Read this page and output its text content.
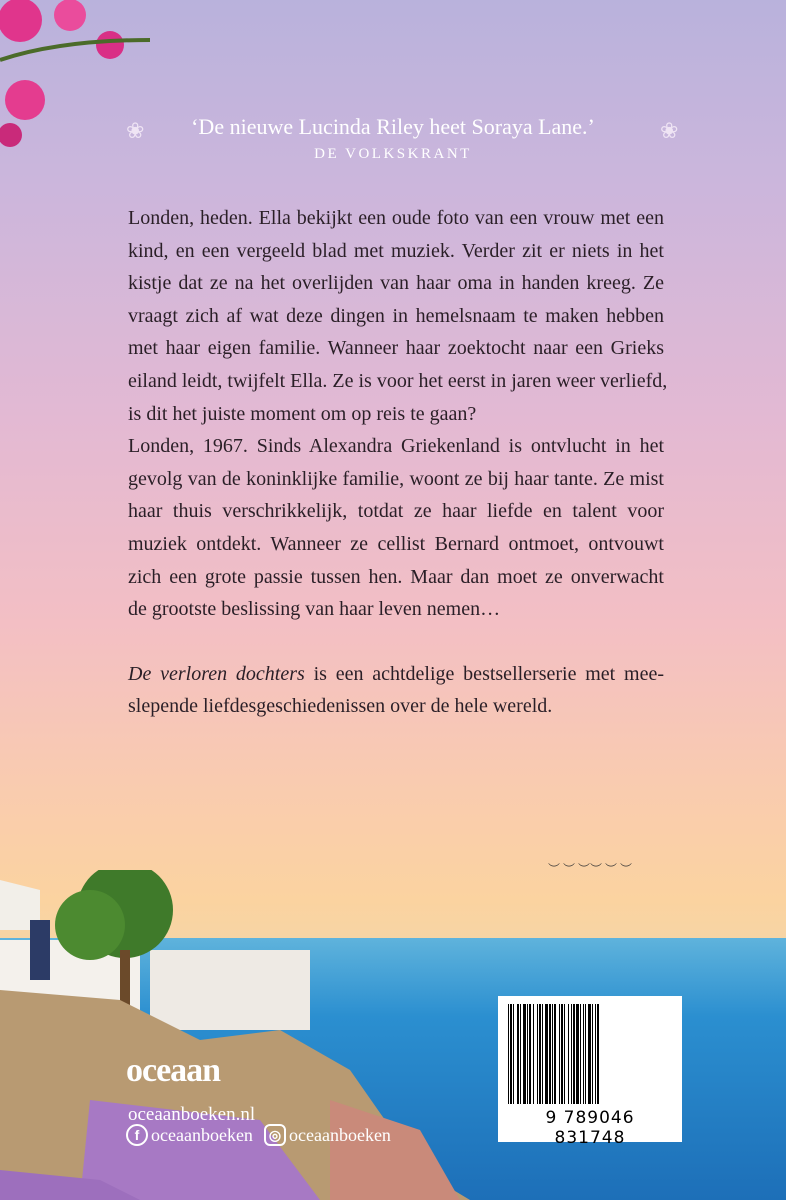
❀	❀
‘De nieuwe Lucinda Riley heet Soraya Lane.’
DE VOLKSKRANT
Londen, heden. Ella bekijkt een oude foto van een vrouw met een
kind, en een vergeeld blad met muziek. Verder zit er niets in het
kistje dat ze na het overlijden van haar oma in handen kreeg. Ze
vraagt zich af wat deze dingen in hemelsnaam te maken hebben
met haar eigen familie. Wanneer haar zoektocht naar een Grieks
eiland leidt, twijfelt Ella. Ze is voor het eerst in jaren weer verliefd,
is dit het juiste moment om op reis te gaan?
Londen, 1967. Sinds Alexandra Griekenland is ontvlucht in het
gevolg van de koninklijke familie, woont ze bij haar tante. Ze mist
haar thuis verschrikkelijk, totdat ze haar liefde en talent voor
muziek ontdekt. Wanneer ze cellist Bernard ontmoet, ontvouwt
zich een grote passie tussen hen. Maar dan moet ze onverwacht
de grootste beslissing van haar leven nemen…
De verloren dochters is een achtdelige bestsellerserie met mee-
slepende liefdesgeschiedenissen over de hele wereld.
︶ ︶ ︶︶ ︶ ︶
oceaan
oceaanboeken.nl
f oceaanboeken	◎ oceaanboeken
9 789046 831748
